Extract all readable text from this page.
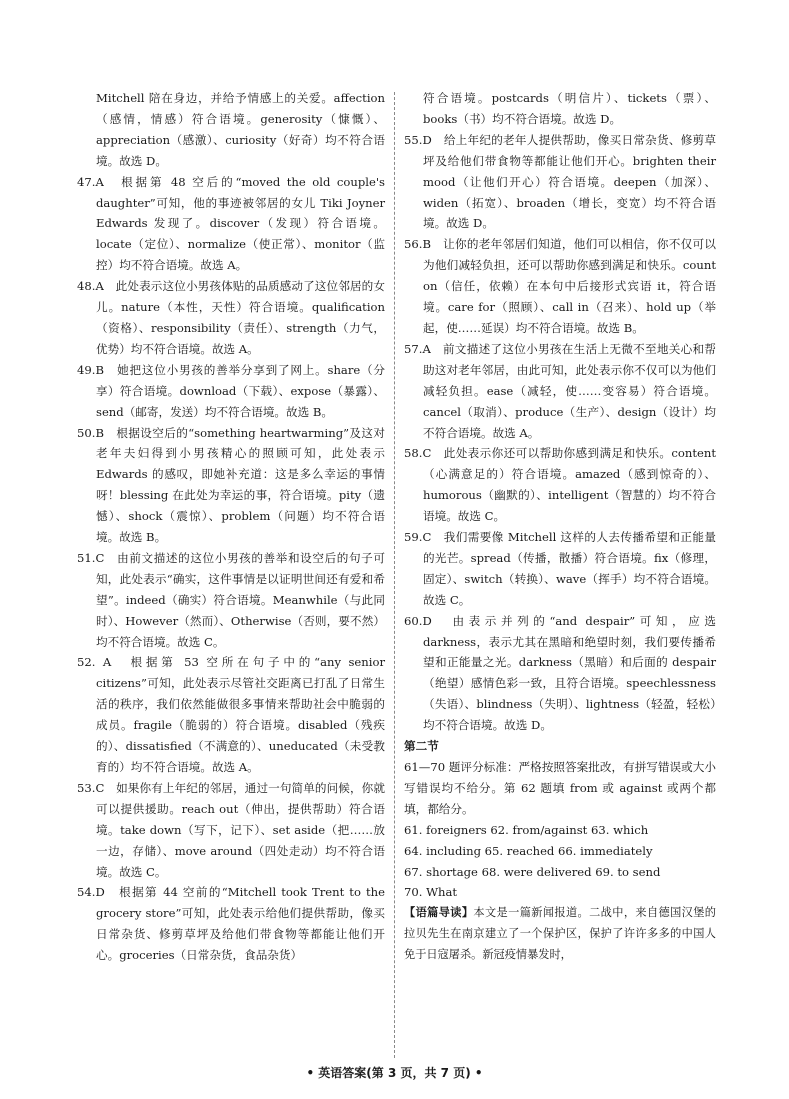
Mitchell 陪在身边，并给予情感上的关爱。affection（感情，情感）符合语境。generosity（慷慨）、appreciation（感激）、curiosity（好奇）均不符合语境。故选 D。

47.A　 根据第 48 空后的“moved the old couple's daughter”可知，他的事迹被邻居的女儿 Tiki Joyner Edwards 发现了。discover（发现）符合语境。locate（定位）、normalize（使正常）、monitor（监控）均不符合语境。故选 A。

48.A　 此处表示这位小男孩体贴的品质感动了这位邻居的女儿。nature（本性，天性）符合语境。qualification（资格）、responsibility（责任）、strength（力气，优势）均不符合语境。故选 A。

49.B　 她把这位小男孩的善举分享到了网上。share（分享）符合语境。download（下载）、expose（暴露）、send（邮寄，发送）均不符合语境。故选 B。

50.B　 根据设空后的“something heartwarming”及这对老年夫妇得到小男孩精心的照顾可知，此处表示 Edwards 的感叹，即她补充道：这是多么幸运的事情呀！blessing 在此处为幸运的事，符合语境。pity（遗憾）、shock（震惊）、problem（问题）均不符合语境。故选 B。

51.C　 由前文描述的这位小男孩的善举和设空后的句子可知，此处表示“确实，这件事情是以证明世间还有爱和希望”。indeed（确实）符合语境。Meanwhile（与此同时）、However（然而）、Otherwise（否则，要不然）均不符合语境。故选 C。

52. A　 根据第 53 空所在句子中的“any senior citizens”可知，此处表示尽管社交距离已打乱了日常生活的秩序，我们依然能做很多事情来帮助社会中脆弱的成员。fragile（脆弱的）符合语境。disabled（残疾的）、dissatisfied（不满意的）、uneducated（未受教育的）均不符合语境。故选 A。

53.C　 如果你有上年纪的邻居，通过一句简单的问候，你就可以提供援助。reach out（伸出，提供帮助）符合语境。take down（写下，记下）、set aside（把……放一边，存储）、move around（四处走动）均不符合语境。故选 C。

54.D　 根据第 44 空前的“Mitchell took Trent to the grocery store”可知，此处表示给他们提供帮助，像买日常杂货、修剪草坪及给他们带食物等都能让他们开心。groceries（日常杂货，食品杂货）

符合语境。postcards（明信片）、tickets（票）、books（书）均不符合语境。故选 D。

55.D　 给上年纪的老年人提供帮助，像买日常杂货、修剪草坪及给他们带食物等都能让他们开心。brighten their mood（让他们开心）符合语境。deepen（加深）、widen（拓宽）、broaden（增长，变宽）均不符合语境。故选 D。

56.B　 让你的老年邻居们知道，他们可以相信，你不仅可以为他们减轻负担，还可以帮助你感到满足和快乐。count on（信任，依赖）在本句中后接形式宾语 it，符合语境。care for（照顾）、call in（召来）、hold up（举起，使……延误）均不符合语境。故选 B。

57.A　 前文描述了这位小男孩在生活上无微不至地关心和帮助这对老年邻居，由此可知，此处表示你不仅可以为他们减轻负担。ease（减轻，使……变容易）符合语境。cancel（取消）、produce（生产）、design（设计）均不符合语境。故选 A。

58.C　 此处表示你还可以帮助你感到满足和快乐。content（心满意足的）符合语境。amazed（感到惊奇的）、humorous（幽默的）、intelligent（智慧的）均不符合语境。故选 C。

59.C　 我们需要像 Mitchell 这样的人去传播希望和正能量的光芒。spread（传播，散播）符合语境。fix（修理，固定）、switch（转换）、wave（挥手）均不符合语境。故选 C。

60.D　 由表示并列的“and despair”可知，应选 darkness，表示尤其在黑暗和绝望时刻，我们要传播希望和正能量之光。darkness（黑暗）和后面的 despair（绝望）感情色彩一致，且符合语境。speechlessness（失语）、blindness（失明）、lightness（轻盈，轻松）均不符合语境。故选 D。

第二节

61—70 题评分标准：严格按照答案批改，有拼写错误或大小写错误均不给分。第 62 题填 from 或 against 或两个都填，都给分。

61. foreigners 62. from/against 63. which

64. including 65. reached 66. immediately

67. shortage 68. were delivered 69. to send

70. What

【语篇导读】本文是一篇新闻报道。二战中，来自德国汉堡的拉贝先生在南京建立了一个保护区，保护了许许多多的中国人免于日寇屠杀。新冠疫情暴发时，

• 英语答案(第 3 页，共 7 页) •
